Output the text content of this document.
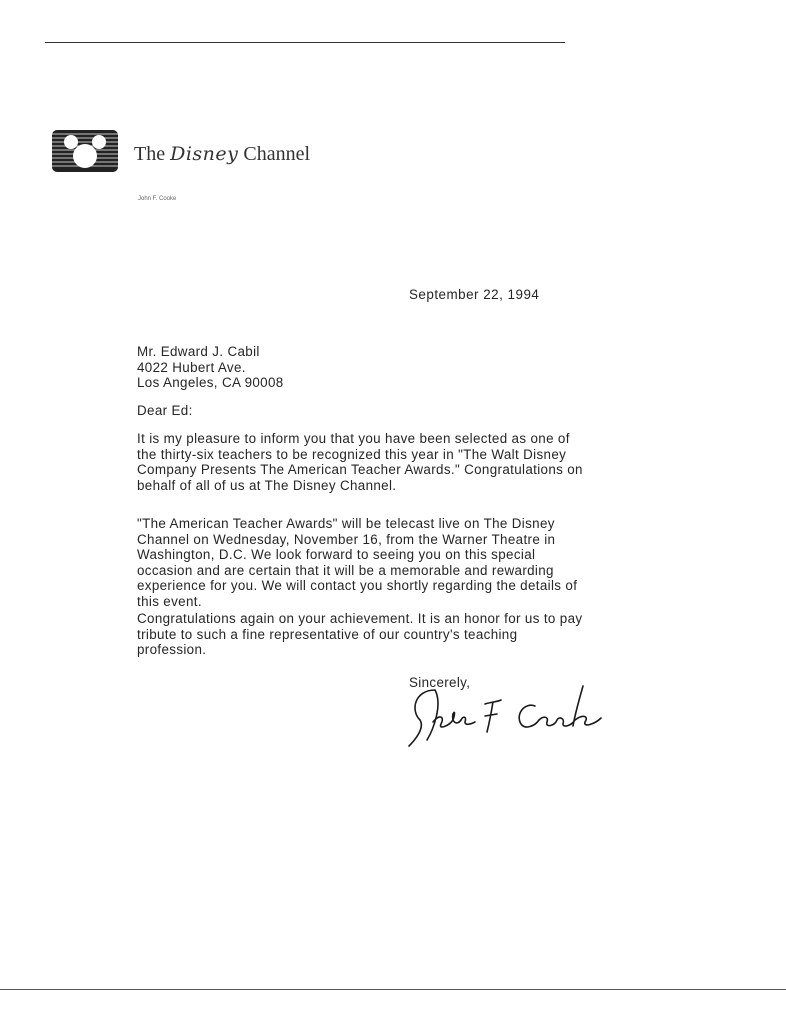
The Disney Channel
John F. Cooke
September 22, 1994
Mr. Edward J. Cabil
4022 Hubert Ave.
Los Angeles, CA 90008
Dear Ed:
It is my pleasure to inform you that you have been selected as one of
the thirty-six teachers to be recognized this year in "The Walt Disney
Company Presents The American Teacher Awards." Congratulations on
behalf of all of us at The Disney Channel.
"The American Teacher Awards" will be telecast live on The Disney
Channel on Wednesday, November 16, from the Warner Theatre in
Washington, D.C. We look forward to seeing you on this special
occasion and are certain that it will be a memorable and rewarding
experience for you. We will contact you shortly regarding the details of
this event.
Congratulations again on your achievement. It is an honor for us to pay
tribute to such a fine representative of our country's teaching
profession.
Sincerely,
